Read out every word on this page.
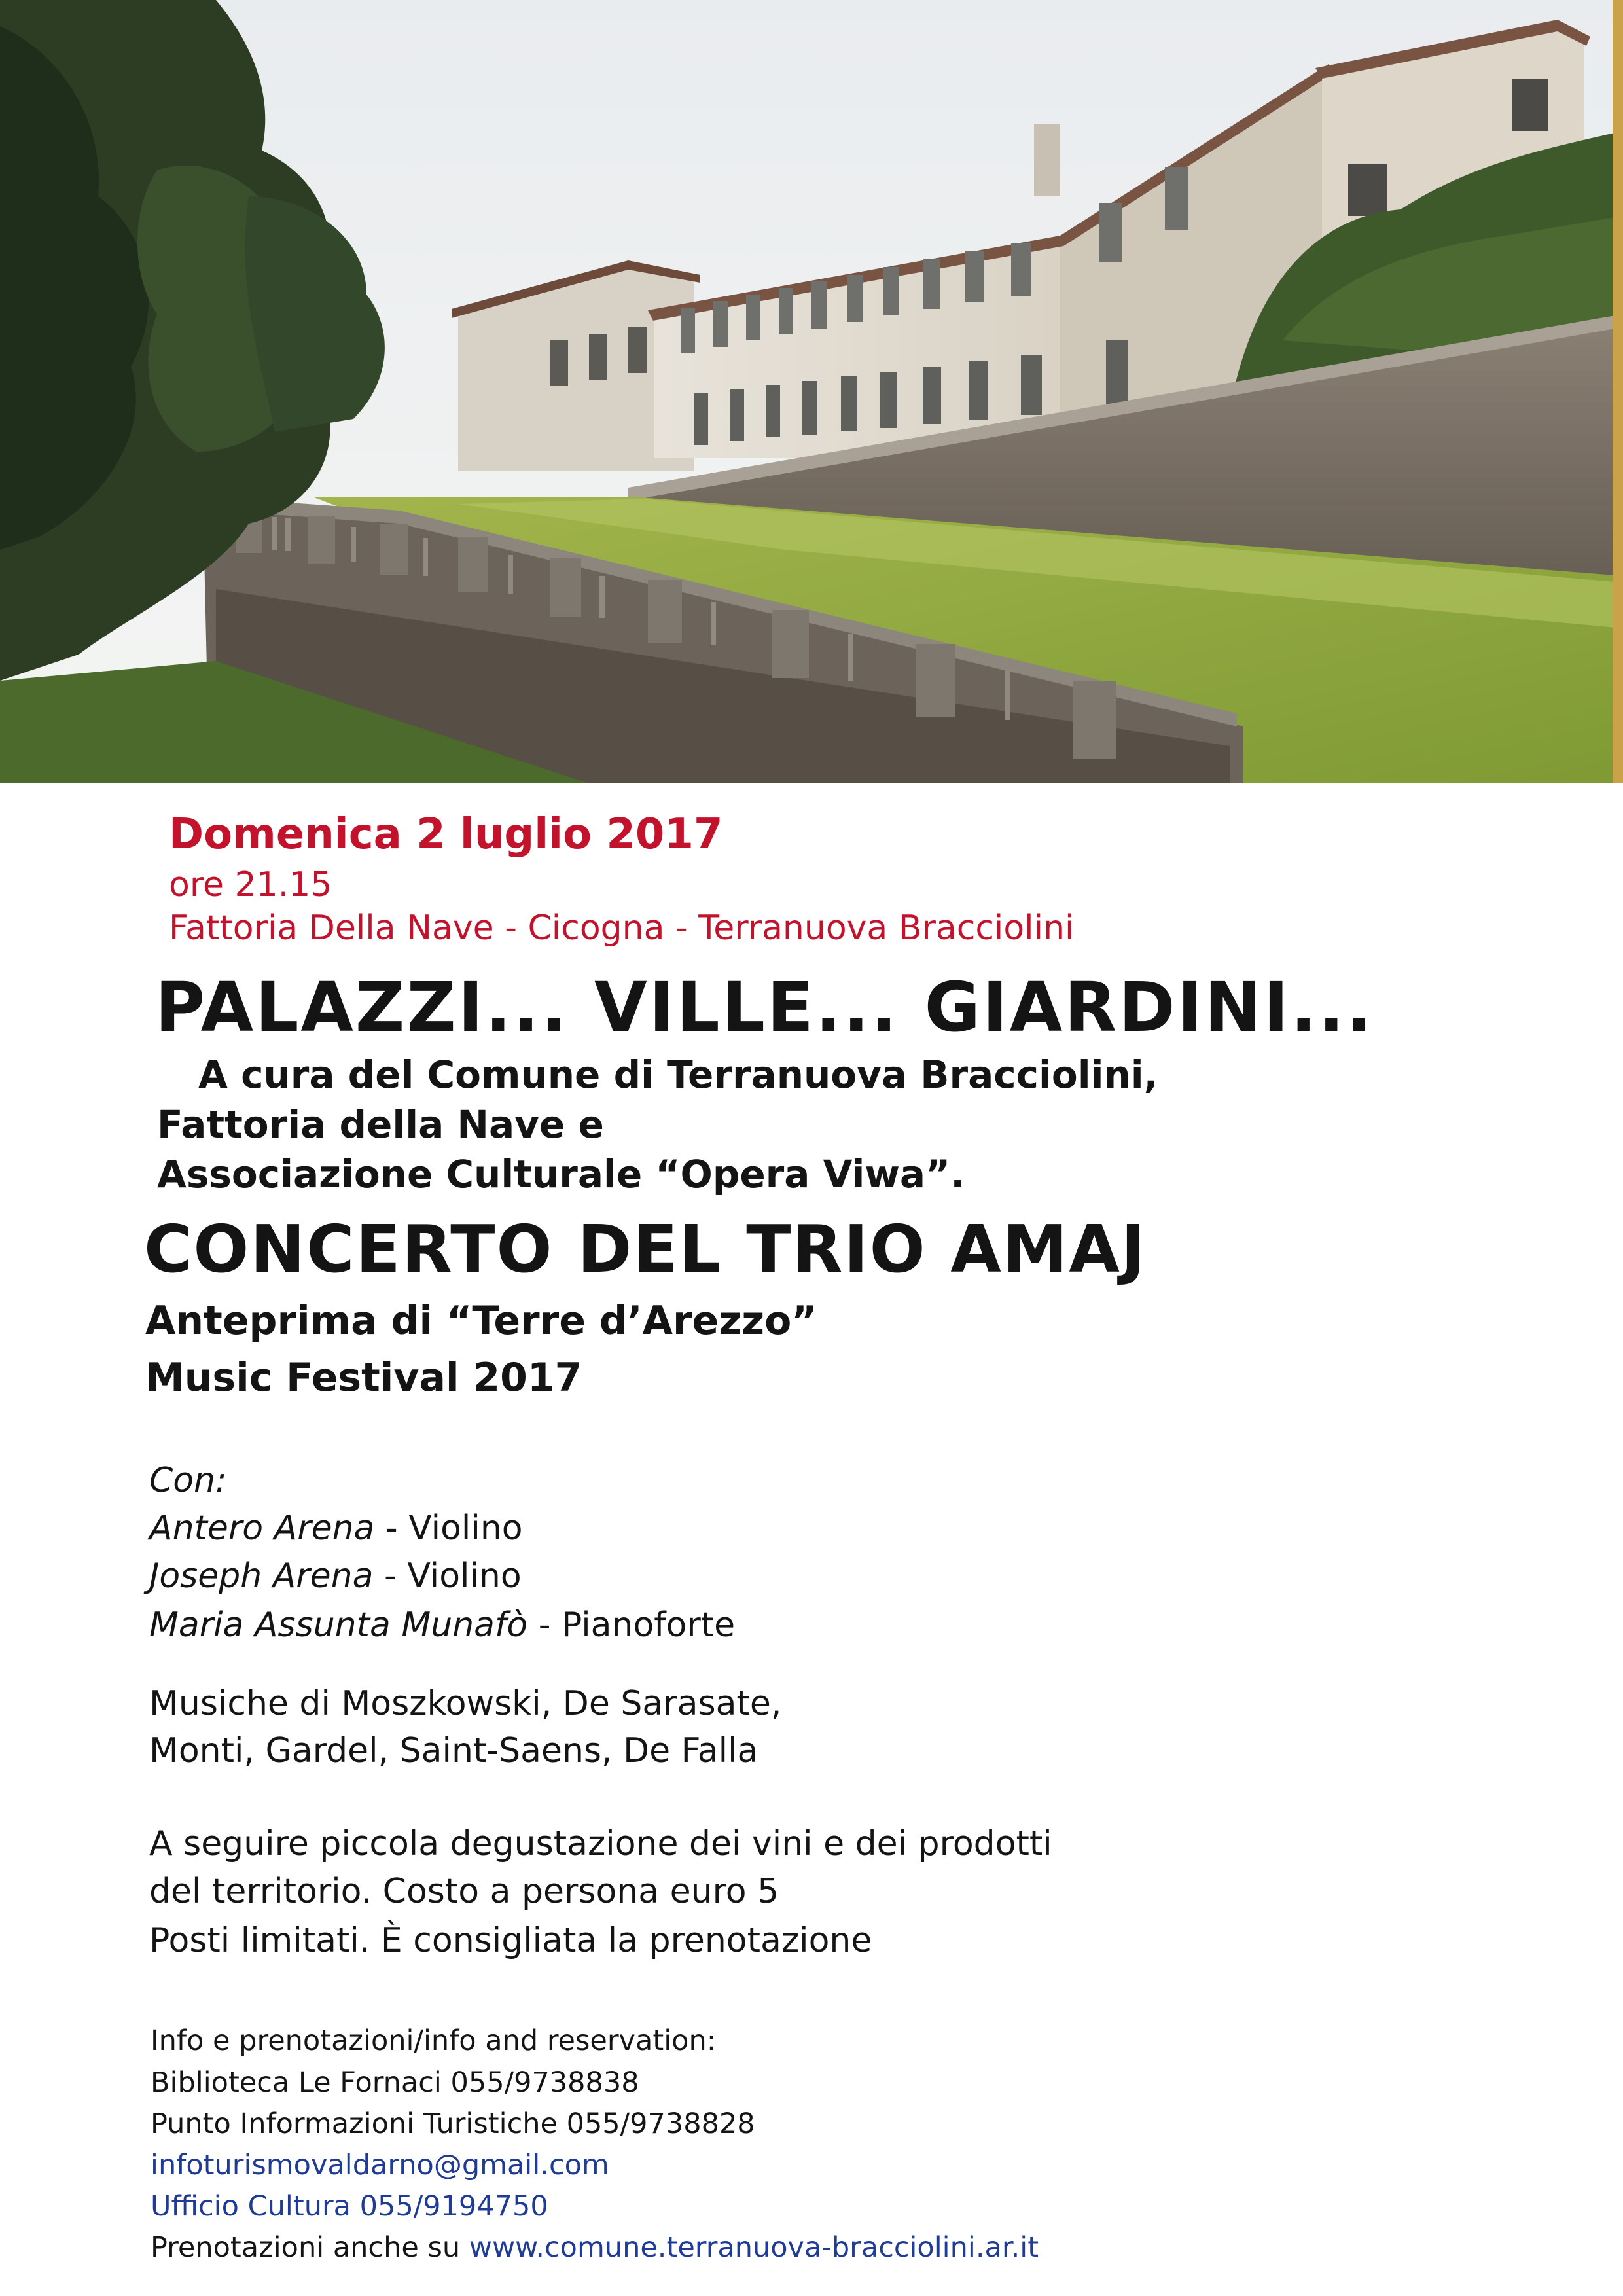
Domenica 2 luglio 2017

ore 21.15

Fattoria Della Nave - Cicogna - Terranuova Bracciolini

PALAZZI... VILLE... GIARDINI...

A cura del Comune di Terranuova Bracciolini,

Fattoria della Nave e

Associazione Culturale “Opera Viwa”.

CONCERTO DEL TRIO AMAJ

Anteprima di “Terre d’Arezzo”

Music Festival 2017

Con:

Antero Arena - Violino

Joseph Arena - Violino

Maria Assunta Munafò - Pianoforte

Musiche di Moszkowski, De Sarasate,

Monti, Gardel, Saint-Saens, De Falla

A seguire piccola degustazione dei vini e dei prodotti

del territorio. Costo a persona euro 5

Posti limitati. È consigliata la prenotazione

Info e prenotazioni/info and reservation:

Biblioteca Le Fornaci 055/9738838

Punto Informazioni Turistiche 055/9738828

infoturismovaldarno@gmail.com

Ufficio Cultura 055/9194750

Prenotazioni anche su www.comune.terranuova-bracciolini.ar.it
